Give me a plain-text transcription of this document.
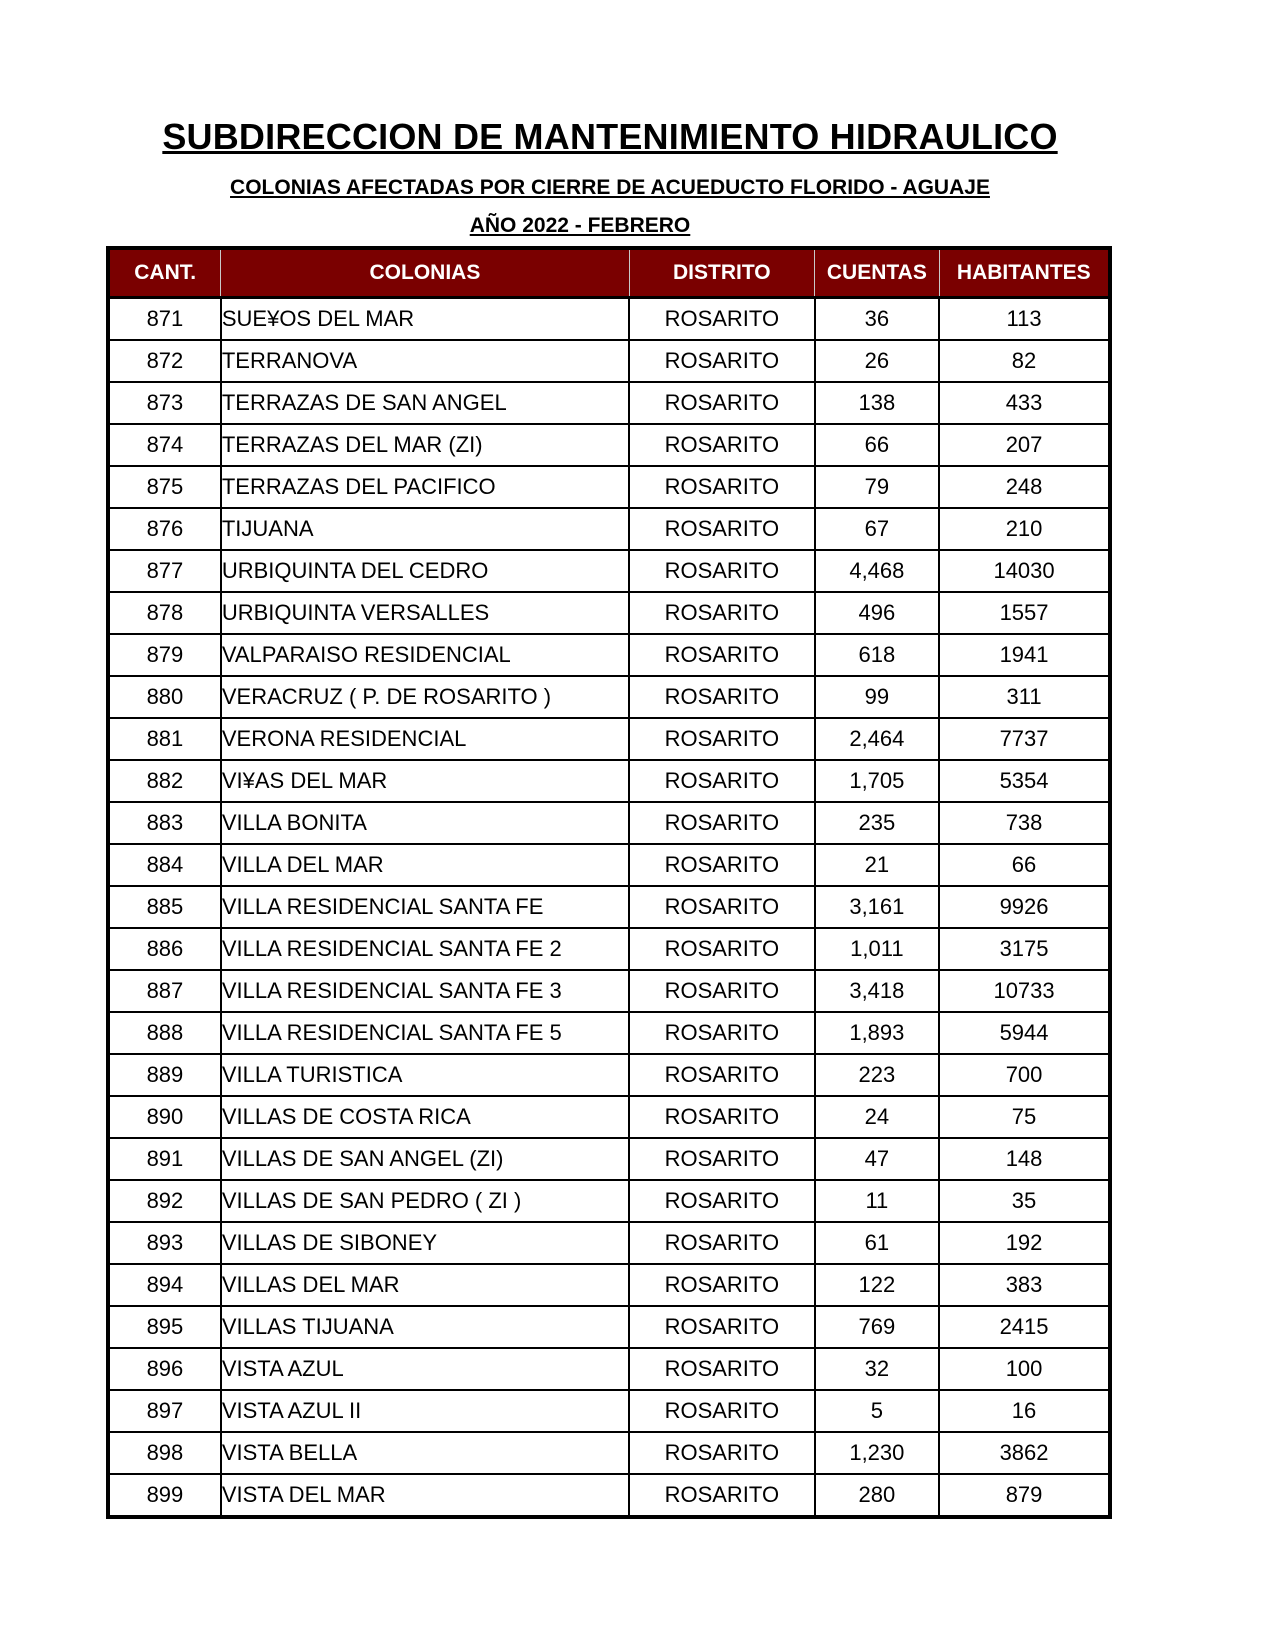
SUBDIRECCION DE MANTENIMIENTO HIDRAULICO
COLONIAS AFECTADAS POR CIERRE DE ACUEDUCTO FLORIDO - AGUAJE
AÑO 2022 - FEBRERO
CANT.	COLONIAS	DISTRITO	CUENTAS	HABITANTES
871	SUE¥OS DEL MAR	ROSARITO	36	113
872	TERRANOVA	ROSARITO	26	82
873	TERRAZAS DE SAN ANGEL	ROSARITO	138	433
874	TERRAZAS DEL MAR (ZI)	ROSARITO	66	207
875	TERRAZAS DEL PACIFICO	ROSARITO	79	248
876	TIJUANA	ROSARITO	67	210
877	URBIQUINTA DEL CEDRO	ROSARITO	4,468	14030
878	URBIQUINTA VERSALLES	ROSARITO	496	1557
879	VALPARAISO RESIDENCIAL	ROSARITO	618	1941
880	VERACRUZ ( P. DE ROSARITO )	ROSARITO	99	311
881	VERONA RESIDENCIAL	ROSARITO	2,464	7737
882	VI¥AS DEL MAR	ROSARITO	1,705	5354
883	VILLA BONITA	ROSARITO	235	738
884	VILLA DEL MAR	ROSARITO	21	66
885	VILLA RESIDENCIAL SANTA FE	ROSARITO	3,161	9926
886	VILLA RESIDENCIAL SANTA FE 2	ROSARITO	1,011	3175
887	VILLA RESIDENCIAL SANTA FE 3	ROSARITO	3,418	10733
888	VILLA RESIDENCIAL SANTA FE 5	ROSARITO	1,893	5944
889	VILLA TURISTICA	ROSARITO	223	700
890	VILLAS DE COSTA RICA	ROSARITO	24	75
891	VILLAS DE SAN ANGEL (ZI)	ROSARITO	47	148
892	VILLAS DE SAN PEDRO ( ZI )	ROSARITO	11	35
893	VILLAS DE SIBONEY	ROSARITO	61	192
894	VILLAS DEL MAR	ROSARITO	122	383
895	VILLAS TIJUANA	ROSARITO	769	2415
896	VISTA AZUL	ROSARITO	32	100
897	VISTA AZUL II	ROSARITO	5	16
898	VISTA BELLA	ROSARITO	1,230	3862
899	VISTA DEL MAR	ROSARITO	280	879
